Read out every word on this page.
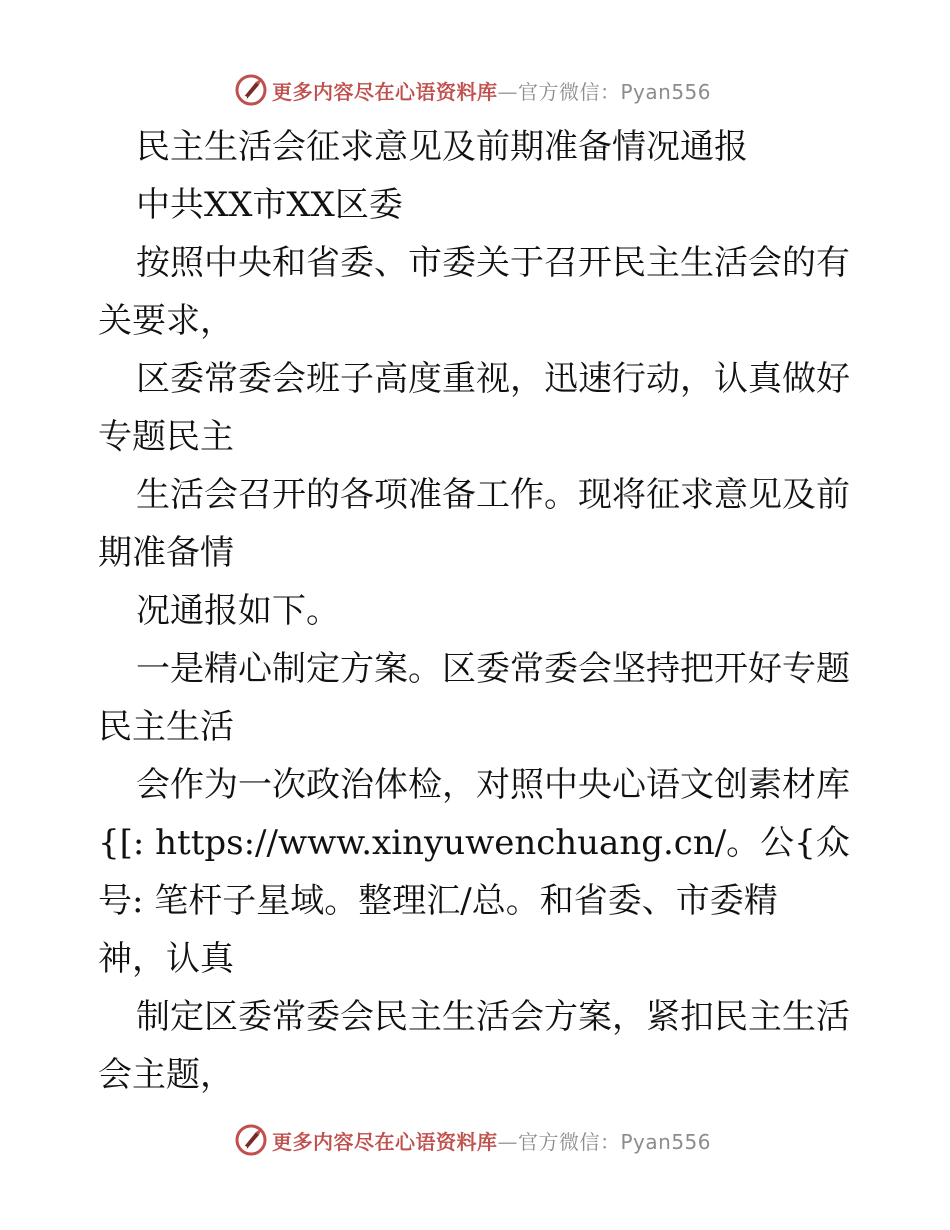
更多内容尽在心语资料库—官方微信：Pyan556
民主生活会征求意见及前期准备情况通报
中共XX市XX区委
按照中央和省委、市委关于召开民主生活会的有
关要求，
区委常委会班子高度重视，迅速行动，认真做好
专题民主
生活会召开的各项准备工作。现将征求意见及前
期准备情
况通报如下。
一是精心制定方案。区委常委会坚持把开好专题
民主生活
会作为一次政治体检，对照中央心语文创素材库
{[: https://www.xinyuwenchuang.cn/。公{众
号: 笔杆子星域。整理汇/总。和省委、市委精
神，认真
制定区委常委会民主生活会方案，紧扣民主生活
会主题，
更多内容尽在心语资料库—官方微信：Pyan556
